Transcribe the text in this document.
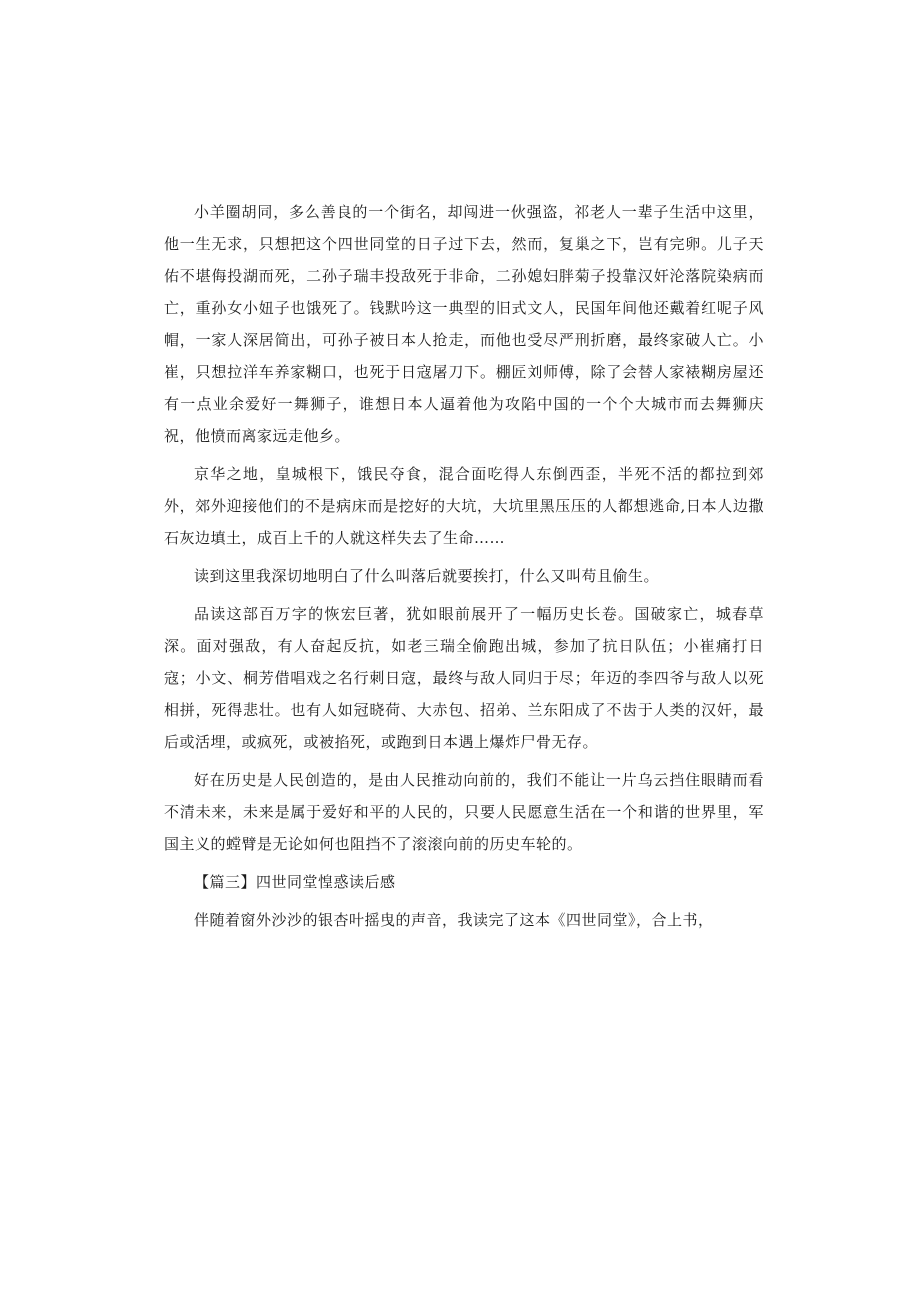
小羊圈胡同，多么善良的一个街名，却闯进一伙强盗，祁老人一辈子生活中这里，他一生无求，只想把这个四世同堂的日子过下去，然而，复巢之下，岂有完卵。儿子天佑不堪侮投湖而死，二孙子瑞丰投敌死于非命，二孙媳妇胖菊子投靠汉奸沦落院染病而亡，重孙女小妞子也饿死了。钱默吟这一典型的旧式文人，民国年间他还戴着红呢子风帽，一家人深居简出，可孙子被日本人抢走，而他也受尽严刑折磨，最终家破人亡。小崔，只想拉洋车养家糊口，也死于日寇屠刀下。棚匠刘师傅，除了会替人家裱糊房屋还有一点业余爱好一舞狮子，谁想日本人逼着他为攻陷中国的一个个大城市而去舞狮庆祝，他愤而离家远走他乡。

京华之地，皇城根下，饿民夺食，混合面吃得人东倒西歪，半死不活的都拉到郊外，郊外迎接他们的不是病床而是挖好的大坑，大坑里黑压压的人都想逃命,日本人边撒石灰边填土，成百上千的人就这样失去了生命……

读到这里我深切地明白了什么叫落后就要挨打，什么又叫苟且偷生。

品读这部百万字的恢宏巨著，犹如眼前展开了一幅历史长卷。国破家亡，城春草深。面对强敌，有人奋起反抗，如老三瑞全偷跑出城，参加了抗日队伍；小崔痛打日寇；小文、桐芳借唱戏之名行刺日寇，最终与敌人同归于尽；年迈的李四爷与敌人以死相拼，死得悲壮。也有人如冠晓荷、大赤包、招弟、兰东阳成了不齿于人类的汉奸，最后或活埋，或疯死，或被掐死，或跑到日本遇上爆炸尸骨无存。

好在历史是人民创造的，是由人民推动向前的，我们不能让一片乌云挡住眼睛而看不清未来，未来是属于爱好和平的人民的，只要人民愿意生活在一个和谐的世界里，军国主义的螳臂是无论如何也阻挡不了滚滚向前的历史车轮的。

【篇三】四世同堂惶惑读后感

伴随着窗外沙沙的银杏叶摇曳的声音，我读完了这本《四世同堂》，合上书，
